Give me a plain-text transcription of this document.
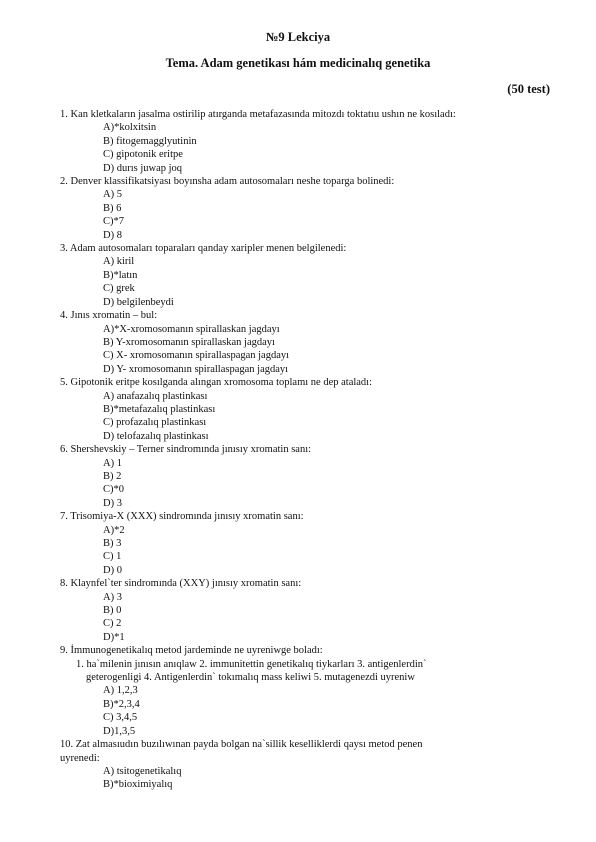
№9 Lekciya
Tema. Adam genetikası hám medicinalıq genetika
(50 test)

1. Kan kletkaların jasalma ostirilip atırganda metafazasında mitozdı toktatıu ushın ne kosıladı:

A)*kolxitsin

B) fitogemagglyutinin

C) gipotonik eritpe

D) durıs juwap joq

2. Denver klassifikatsiyası boyınsha adam autosomaları neshe toparga bolinedi:

A) 5

B) 6

C)*7

D) 8

3. Adam autosomaları toparaları qanday xaripler menen belgilenedi:

A) kiril

B)*latın

C) grek

D) belgilenbeydi

4. Jınıs xromatin – bul:

A)*X-xromosomanın spirallaskan jagdayı

B) Y-xromosomanın spirallaskan jagdayı

C) X- xromosomanın spirallaspagan jagdayı

D) Y- xromosomanın spirallaspagan jagdayı

5. Gipotonik eritpe kosılganda alıngan xromosoma toplamı ne dep ataladı:

A) anafazalıq plastinkası

B)*metafazalıq plastinkası

C) profazalıq plastinkası

D) telofazalıq plastinkası

6. Shershevskiy – Terner sindromında jınısıy xromatin sanı:

A) 1

B) 2

C)*0

D) 3

7. Trisomiya-X (XXX) sindromında jınısıy xromatin sanı:

A)*2

B) 3

C) 1

D) 0

8. Klaynfel`ter sindromında (XXY) jınısıy xromatin sanı:

A) 3

B) 0

C) 2

D)*1

9. İmmunogenetikalıq metod jardeminde ne uyreniwge boladı:

1. ha`milenin jınısın anıqlaw 2. immunitettin genetikalıq tiykarları 3. antigenlerdin`

geterogenligi 4. Antigenlerdin` tokımalıq mass keliwi 5. mutagenezdi uyreniw

A) 1,2,3

B)*2,3,4

C) 3,4,5

D)1,3,5

10. Zat almasıudın buzılıwınan payda bolgan na`sillik keselliklerdi qaysı metod penen

uyrenedi:

A) tsitogenetikalıq

B)*bioximiyalıq
